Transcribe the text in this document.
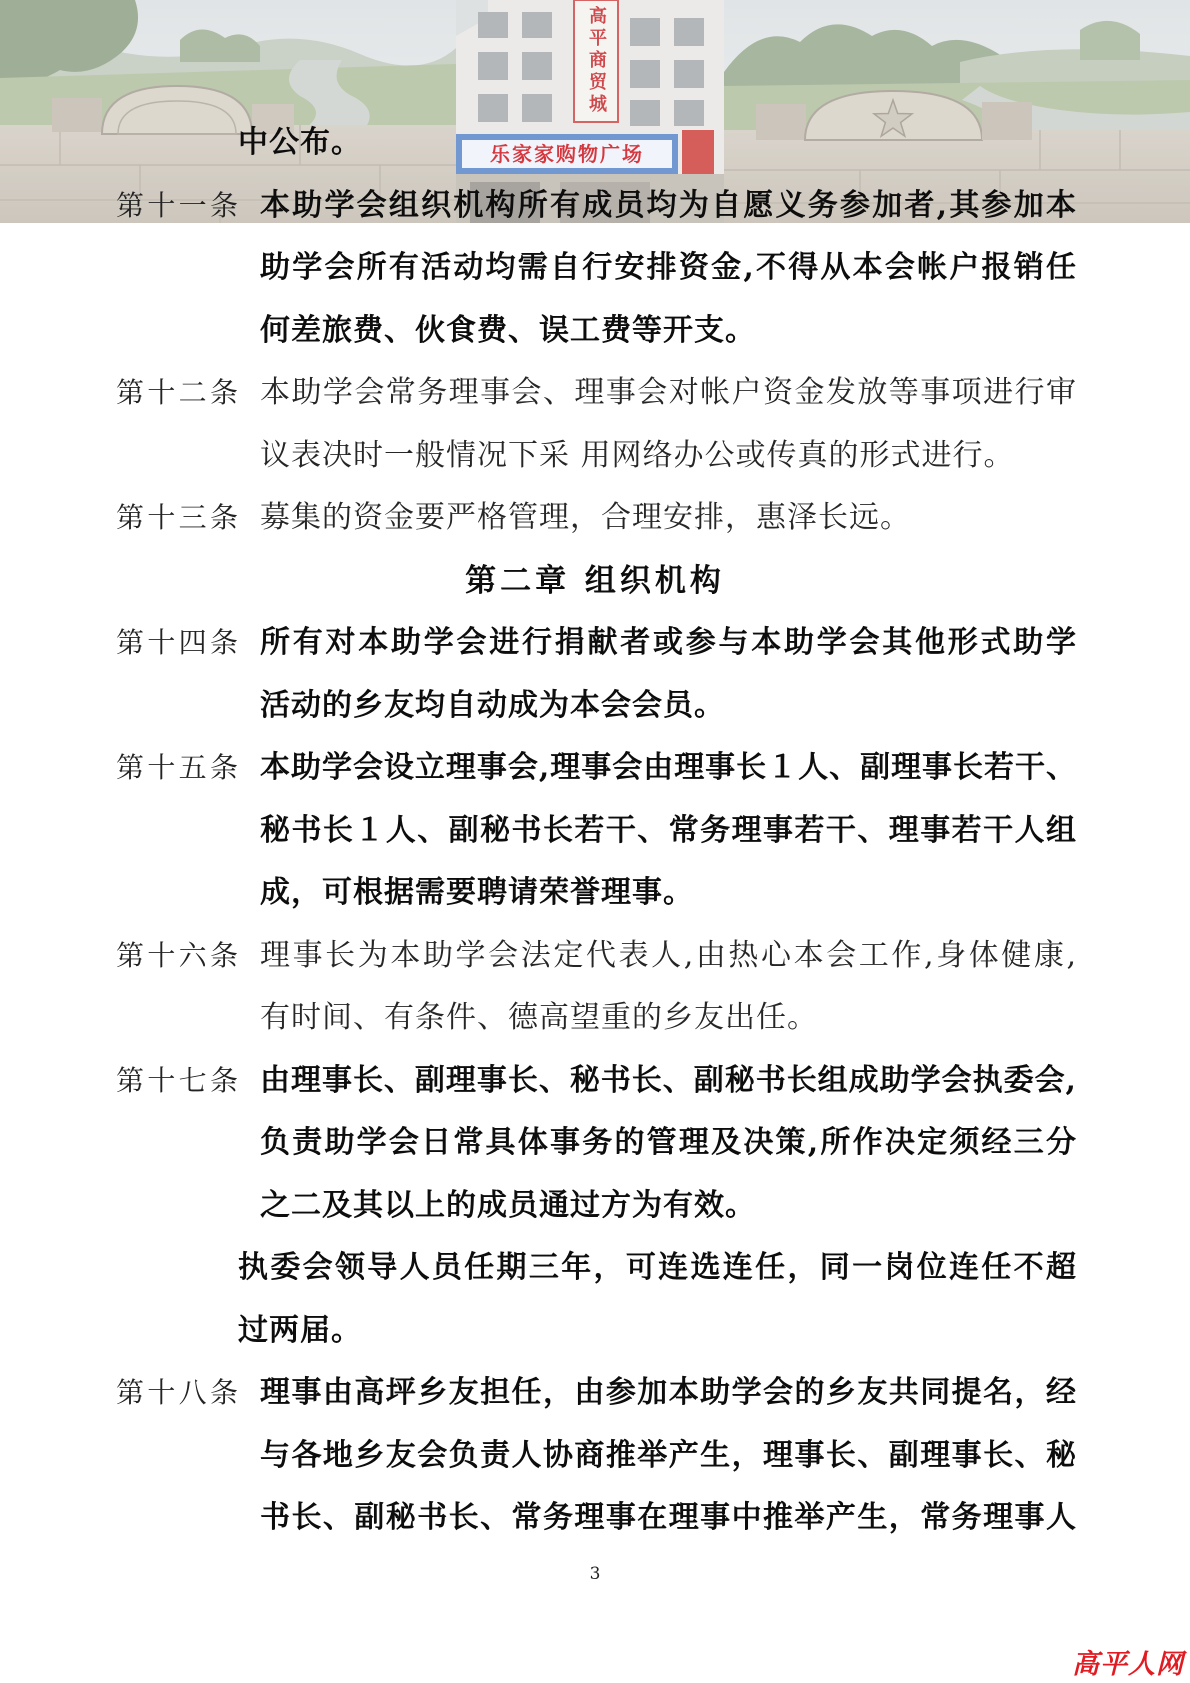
高平商贸城
乐家家购物广场
中公布。
第十一条 本助学会组织机构所有成员均为自愿义务参加者,其参加本
助学会所有活动均需自行安排资金,不得从本会帐户报销任
何差旅费、伙食费、误工费等开支。
第十二条 本助学会常务理事会、理事会对帐户资金发放等事项进行审
议表决时一般情况下采 用网络办公或传真的形式进行。
第十三条 募集的资金要严格管理，合理安排，惠泽长远。
第二章 组织机构
第十四条 所有对本助学会进行捐献者或参与本助学会其他形式助学
活动的乡友均自动成为本会会员。
第十五条 本助学会设立理事会,理事会由理事长１人、副理事长若干、
秘书长１人、副秘书长若干、常务理事若干、理事若干人组
成，可根据需要聘请荣誉理事。
第十六条 理事长为本助学会法定代表人,由热心本会工作,身体健康,
有时间、有条件、德高望重的乡友出任。
第十七条 由理事长、副理事长、秘书长、副秘书长组成助学会执委会,
负责助学会日常具体事务的管理及决策,所作决定须经三分
之二及其以上的成员通过方为有效。
执委会领导人员任期三年，可连选连任，同一岗位连任不超
过两届。
第十八条 理事由高坪乡友担任，由参加本助学会的乡友共同提名，经
与各地乡友会负责人协商推举产生，理事长、副理事长、秘
书长、副秘书长、常务理事在理事中推举产生，常务理事人
3
高平人网
